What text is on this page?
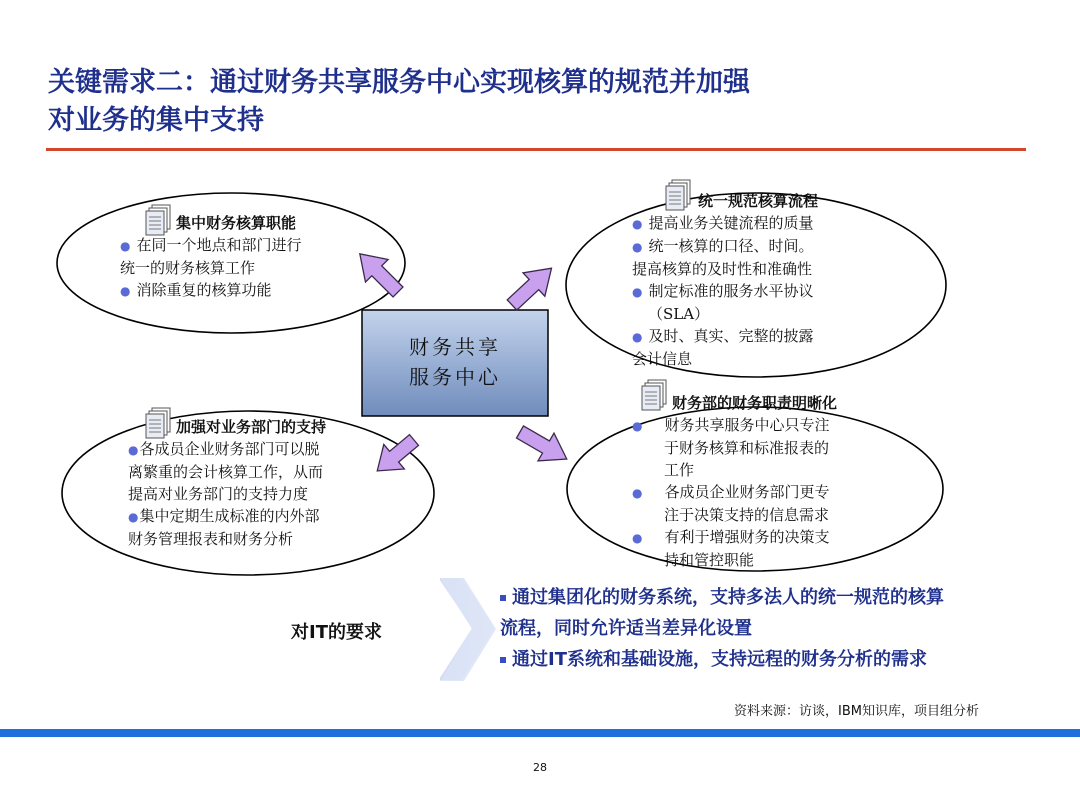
关键需求二：通过财务共享服务中心实现核算的规范并加强
对业务的集中支持
财务共享
服务中心
集中财务核算职能
● 在同一个地点和部门进行
统一的财务核算工作
● 消除重复的核算功能
统一规范核算流程
● 提高业务关键流程的质量
● 统一核算的口径、时间。
提高核算的及时性和准确性
● 制定标准的服务水平协议
（SLA）
● 及时、真实、完整的披露
会计信息
加强对业务部门的支持
●各成员企业财务部门可以脱
离繁重的会计核算工作，从而
提高对业务部门的支持力度
●集中定期生成标准的内外部
财务管理报表和财务分析
财务部的财务职责明晰化
● 财务共享服务中心只专注
于财务核算和标准报表的
工作
● 各成员企业财务部门更专
注于决策支持的信息需求
● 有利于增强财务的决策支
持和管控职能
对IT的要求
通过集团化的财务系统，支持多法人的统一规范的核算
流程，同时允许适当差异化设置
通过IT系统和基础设施，支持远程的财务分析的需求
资料来源：访谈，IBM知识库，项目组分析
28
